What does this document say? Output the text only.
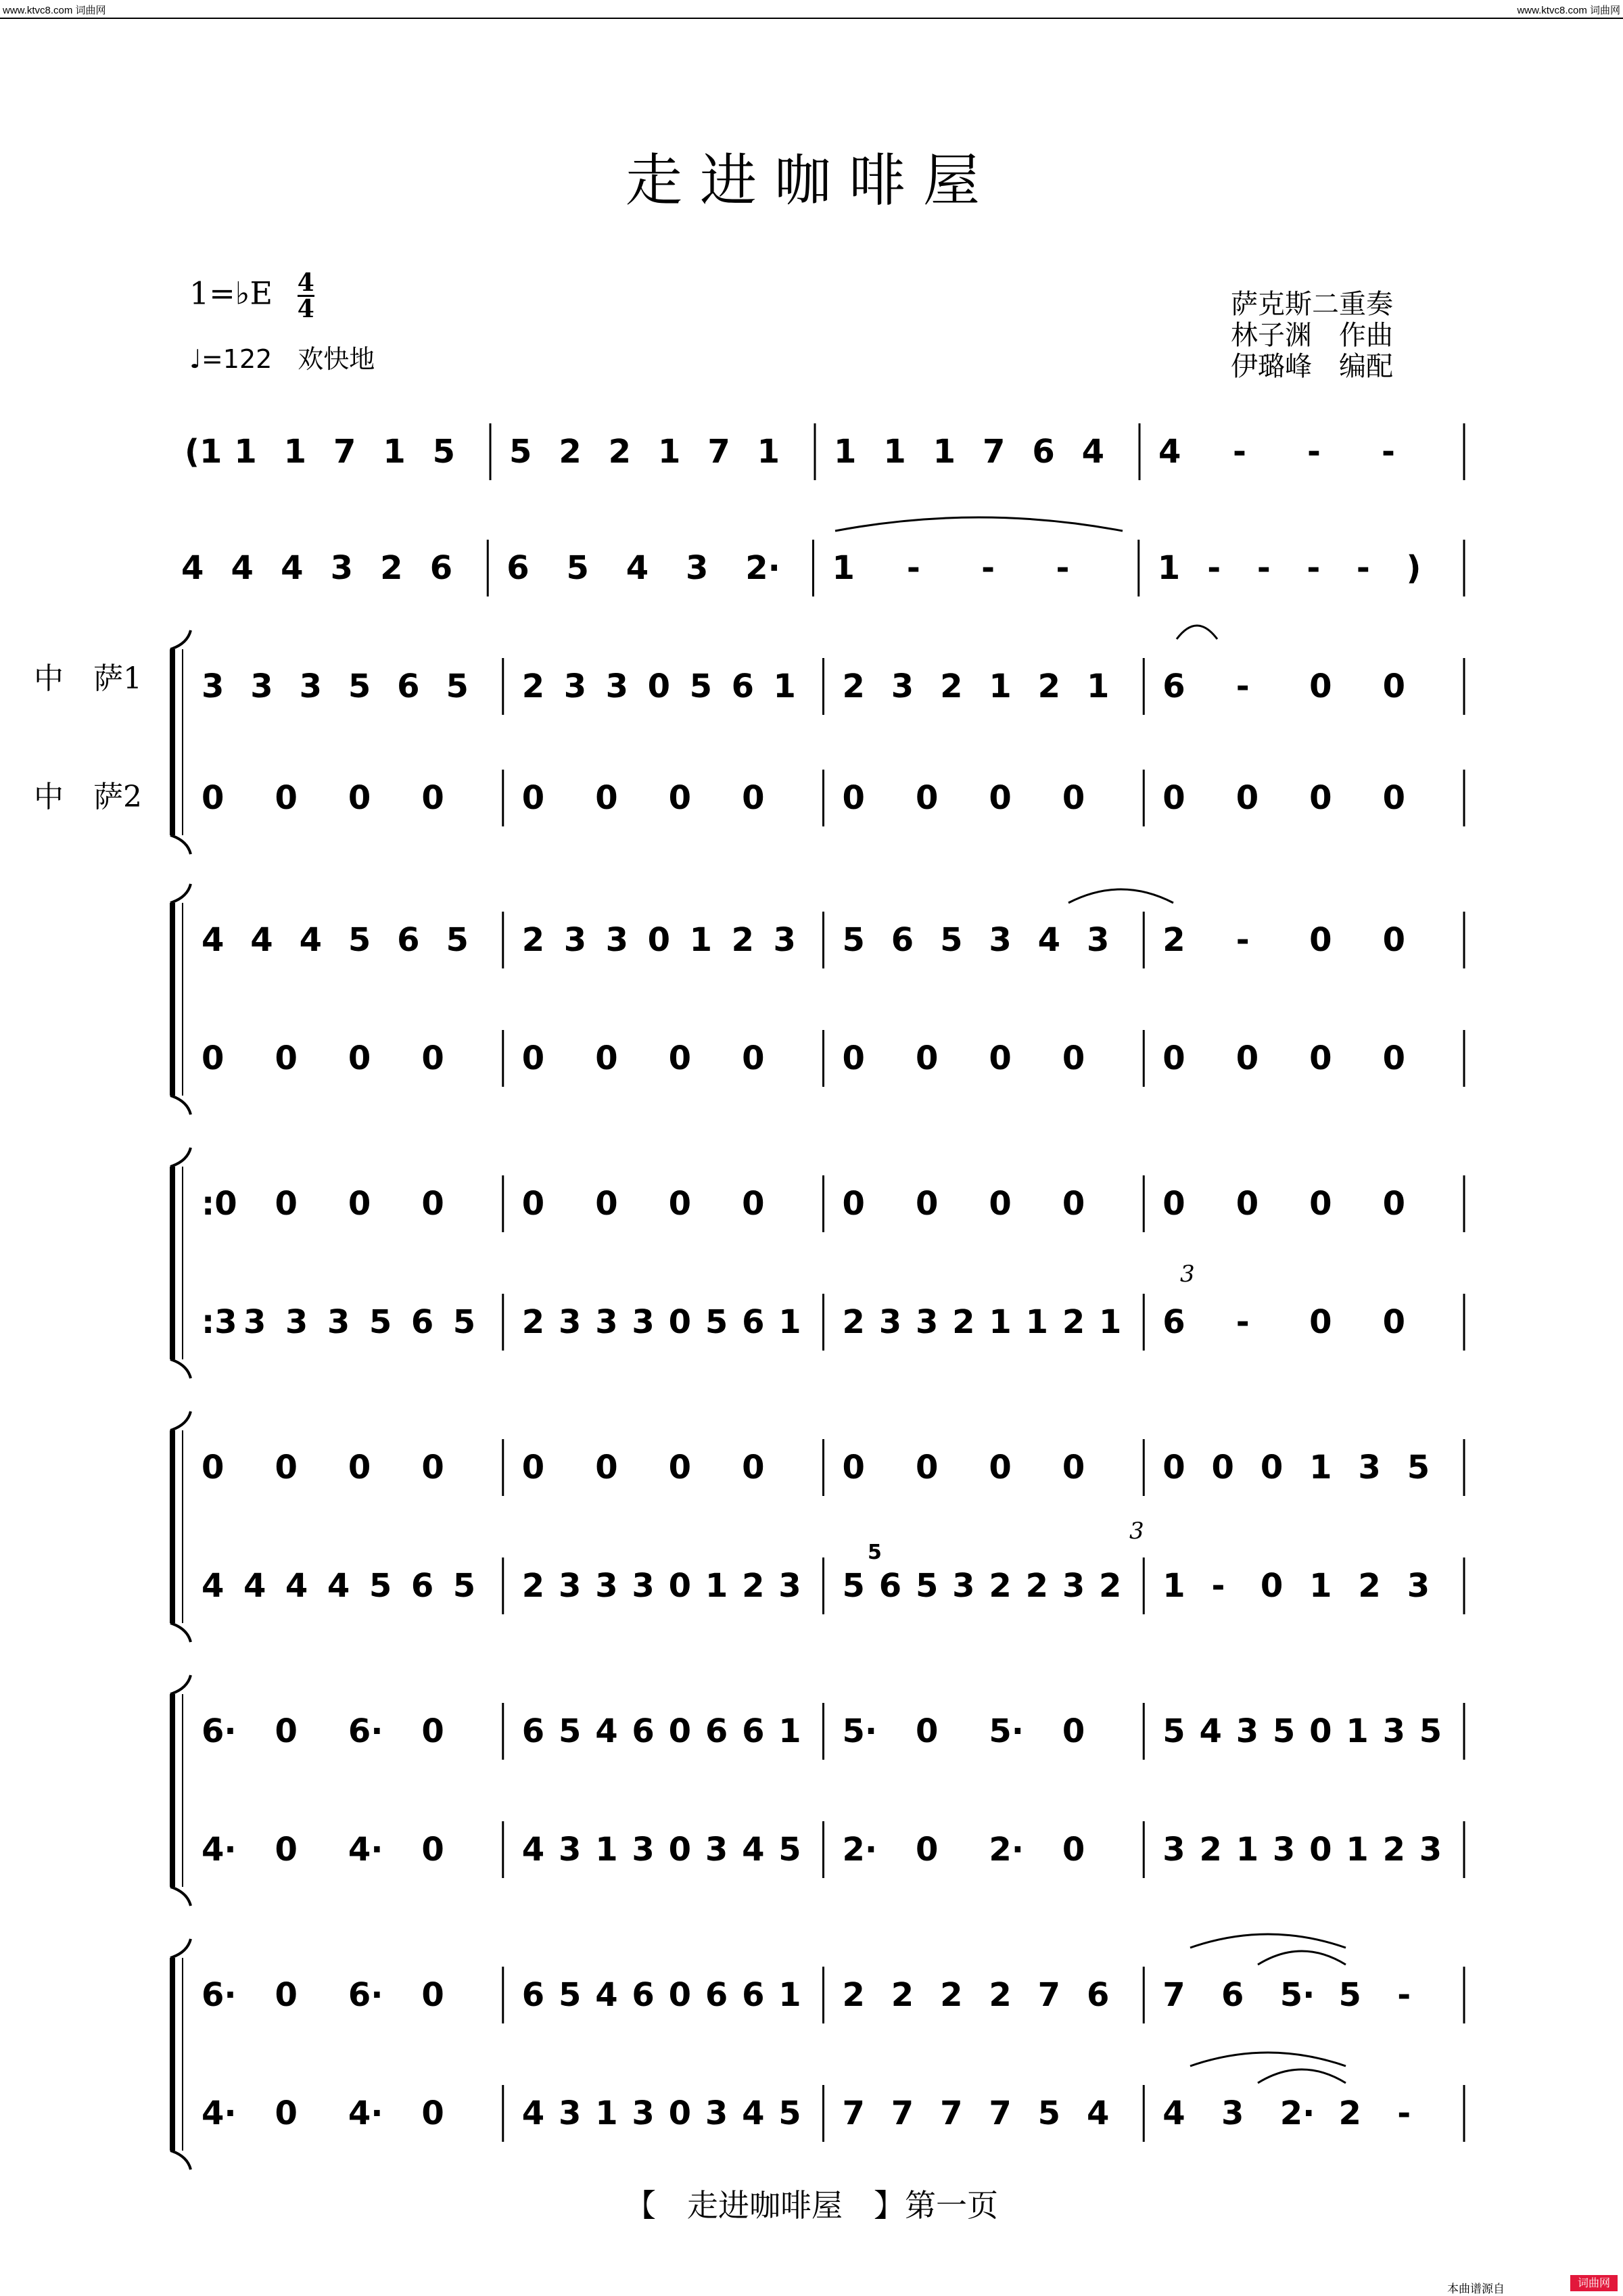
www.ktvc8.com 词曲网	www.ktvc8.com 词曲网
走进咖啡屋
1=♭E $\frac{4}{4}$
♩=122　欢快地
萨克斯二重奏
林子渊　作曲
伊璐峰　编配
(1 1 1 7 1 5 5 2 2 1 7 1 1 1 1 7 6 4 4 - - -
4 4 4 3 2 6 6 5 4 3 2· 1 - - -	1 - - - - )
中　萨1
中　萨2
3 3 3 5 6 5 2 3 3 0 5 6 1 2 3 2 1 2 1 6 - 0 0
0 0 0 0 0 0 0 0 0 0 0 0 0 0 0 0
4 4 4 5 6 5 2 3 3 0 1 2 3 5 6 5 3 4 3 2 - 0 0
0 0 0 0 0 0 0 0 0 0 0 0 0 0 0 0
:0 0 0 0 0 0 0 0 0 0 0 0 0 0 0 0
:3 3 3 3 5 6 5 2 3 3 3 0 5 6 1 2 3 3 2 1 1 2 1 6 - 0 0
0 0 0 0 0 0 0 0 0 0 0 0 0 0 0 1 3 5
4 4 4 4 5 6 5 2 3 3 3 0 1 2 3 5 6 5 3 2 2 3 2 1 - 0 1 2 3
6· 0 6· 0 6 5 4 6 0 6 6 1 5· 0 5· 0 5 4 3 5 0 1 3 5
4· 0 4· 0 4 3 1 3 0 3 4 5 2· 0 2· 0 3 2 1 3 0 1 2 3
6· 0 6· 0 6 5 4 6 0 6 6 1 2 2 2 2 7 6 7 6 5· 5 -
4· 0 4· 0 4 3 1 3 0 3 4 5 7 7 7 7 5 4 4 3 2· 2 -
3
3
5
【　走进咖啡屋　】第一页
本曲谱源自	词曲网
